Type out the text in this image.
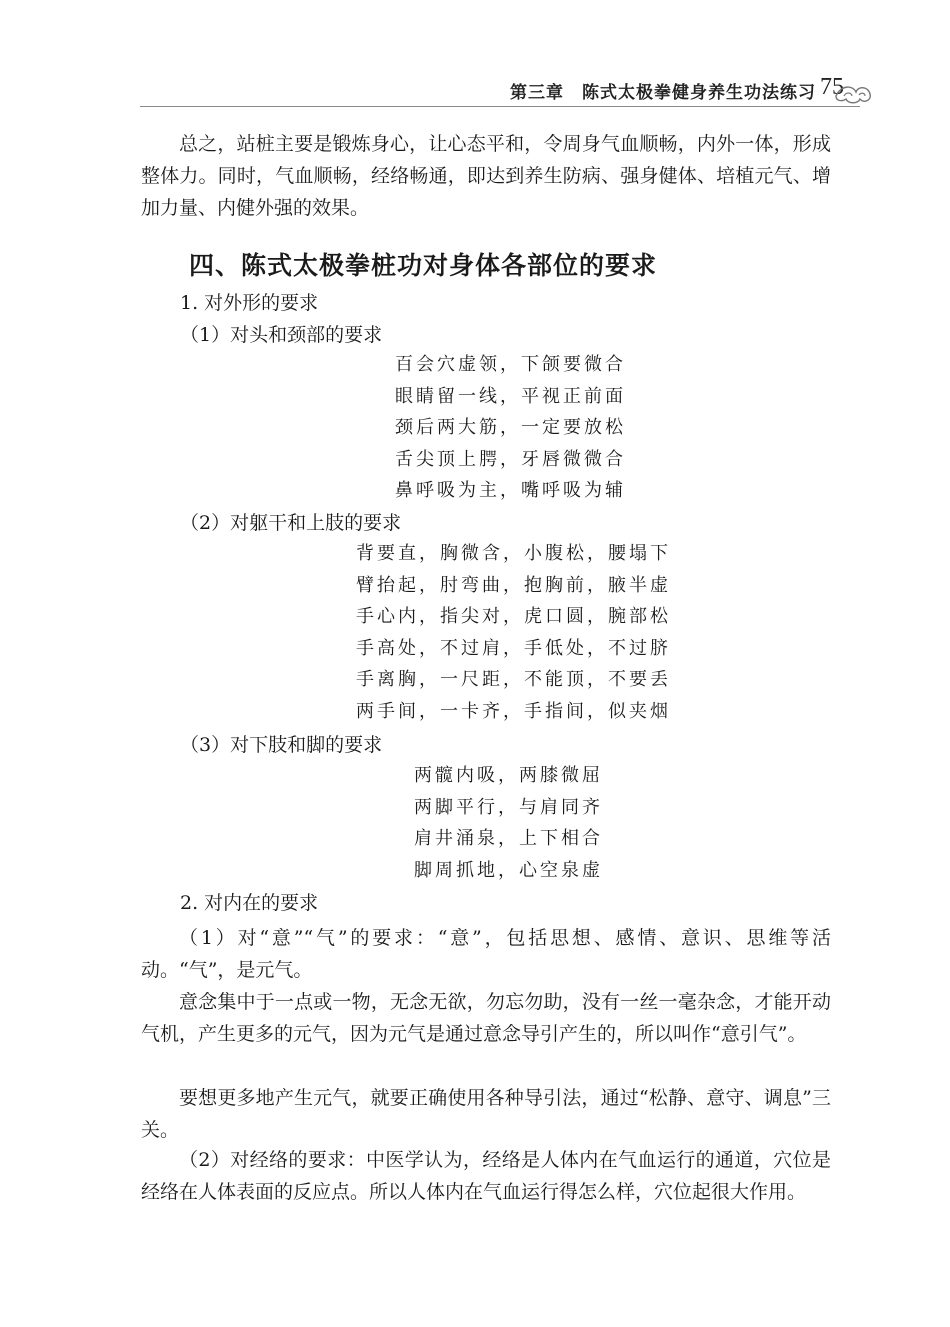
第三章　陈式太极拳健身养生功法练习 75

总之，站桩主要是锻炼身心，让心态平和，令周身气血顺畅，内外一体，形成整体力。同时，气血顺畅，经络畅通，即达到养生防病、强身健体、培植元气、增加力量、内健外强的效果。

四、陈式太极拳桩功对身体各部位的要求

1. 对外形的要求

（1）对头和颈部的要求

百会穴虚领，下颌要微合
眼睛留一线，平视正前面
颈后两大筋，一定要放松
舌尖顶上腭，牙唇微微合
鼻呼吸为主，嘴呼吸为辅

（2）对躯干和上肢的要求

背要直，胸微含，小腹松，腰塌下
臂抬起，肘弯曲，抱胸前，腋半虚
手心内，指尖对，虎口圆，腕部松
手高处，不过肩，手低处，不过脐
手离胸，一尺距，不能顶，不要丢
两手间，一卡齐，手指间，似夹烟

（3）对下肢和脚的要求

两髋内吸，两膝微屈
两脚平行，与肩同齐
肩井涌泉，上下相合
脚周抓地，心空泉虚

2. 对内在的要求

（1）对“意”“气”的要求：“意”，包括思想、感情、意识、思维等活动。“气”，是元气。

意念集中于一点或一物，无念无欲，勿忘勿助，没有一丝一毫杂念，才能开动气机，产生更多的元气，因为元气是通过意念导引产生的，所以叫作“意引气”。

要想更多地产生元气，就要正确使用各种导引法，通过“松静、意守、调息”三关。

（2）对经络的要求：中医学认为，经络是人体内在气血运行的通道，穴位是经络在人体表面的反应点。所以人体内在气血运行得怎么样，穴位起很大作用。
